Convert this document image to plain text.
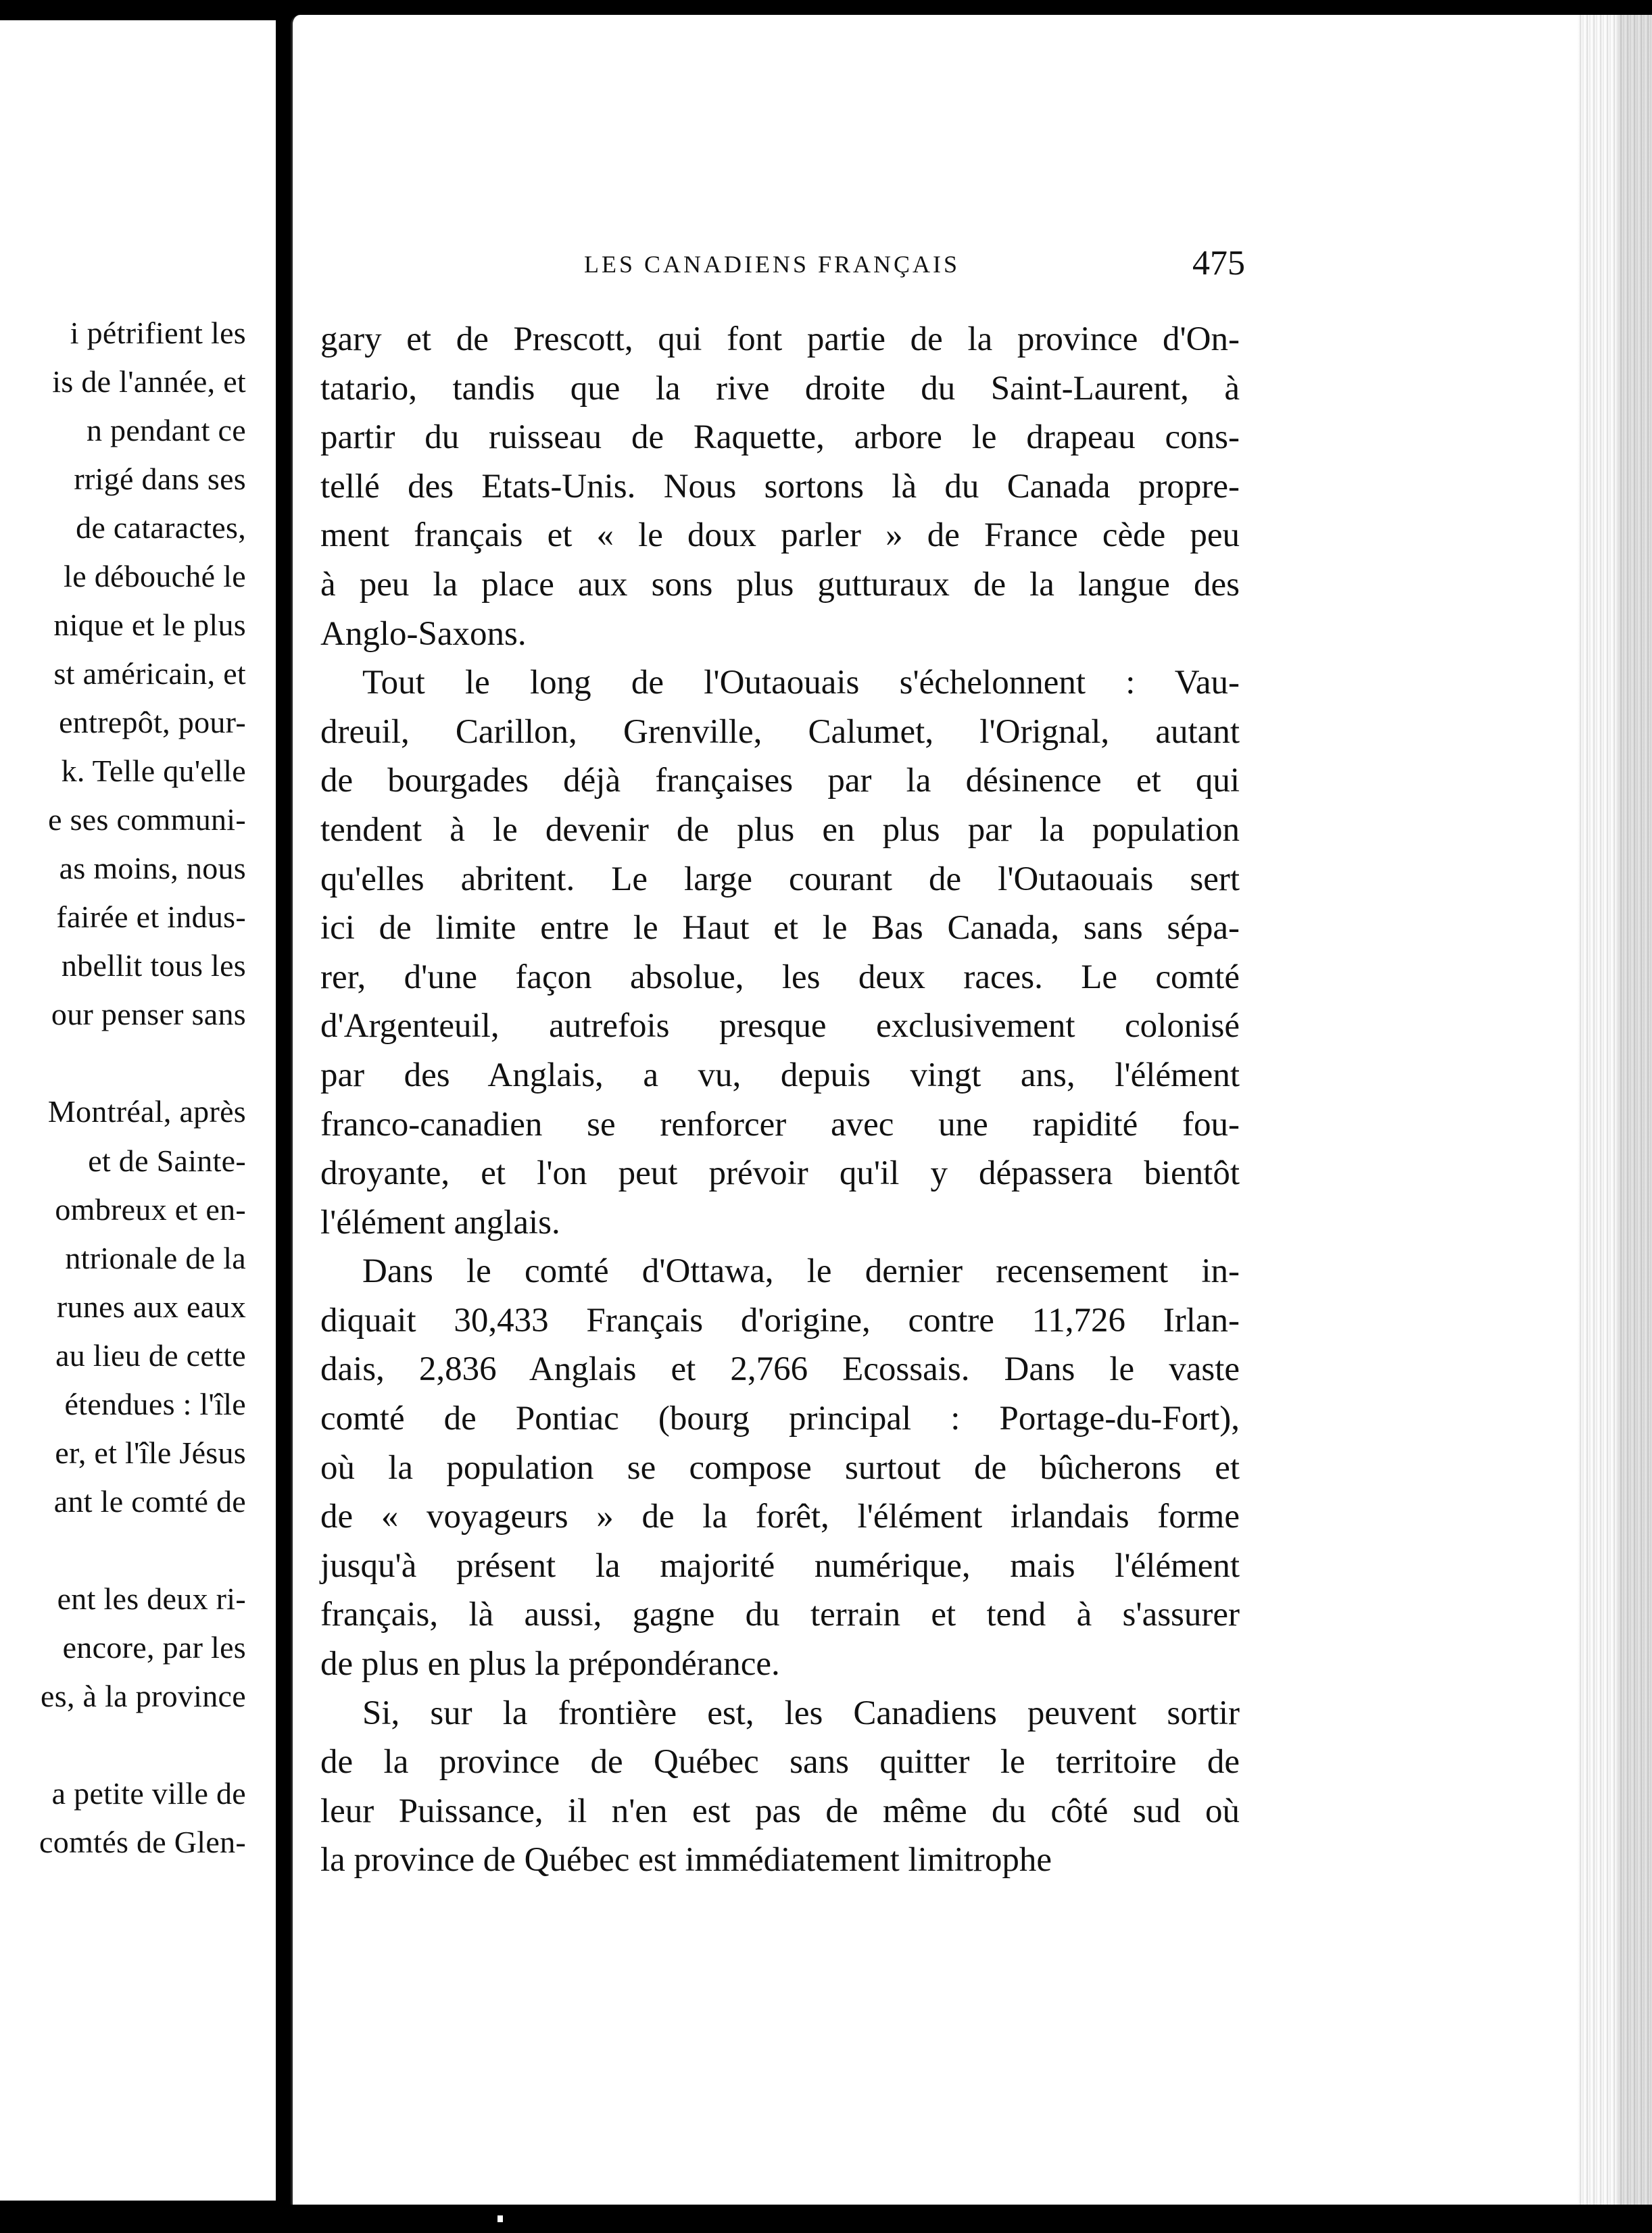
i pétrifient les
is de l'année, et
n pendant ce
rrigé dans ses
de cataractes,
le débouché le
nique et le plus
st américain, et
entrepôt, pour-
k. Telle qu'elle
e ses communi-
as moins, nous
fairée et indus-
nbellit tous les
our penser sans
Montréal, après
et de Sainte-
ombreux et en-
ntrionale de la
runes aux eaux
au lieu de cette
étendues : l'île
er, et l'île Jésus
ant le comté de
ent les deux ri-
encore, par les
es, à la province
a petite ville de
comtés de Glen-
LES CANADIENS FRANÇAIS	475
gary et de Prescott, qui font partie de la province d'On-
tatario, tandis que la rive droite du Saint-Laurent, à
partir du ruisseau de Raquette, arbore le drapeau cons-
tellé des Etats-Unis. Nous sortons là du Canada propre-
ment français et « le doux parler » de France cède peu
à peu la place aux sons plus gutturaux de la langue des
Anglo-Saxons.
Tout le long de l'Outaouais s'échelonnent : Vau-
dreuil, Carillon, Grenville, Calumet, l'Orignal, autant
de bourgades déjà françaises par la désinence et qui
tendent à le devenir de plus en plus par la population
qu'elles abritent. Le large courant de l'Outaouais sert
ici de limite entre le Haut et le Bas Canada, sans sépa-
rer, d'une façon absolue, les deux races. Le comté
d'Argenteuil, autrefois presque exclusivement colonisé
par des Anglais, a vu, depuis vingt ans, l'élément
franco-canadien se renforcer avec une rapidité fou-
droyante, et l'on peut prévoir qu'il y dépassera bientôt
l'élément anglais.
Dans le comté d'Ottawa, le dernier recensement in-
diquait 30,433 Français d'origine, contre 11,726 Irlan-
dais, 2,836 Anglais et 2,766 Ecossais. Dans le vaste
comté de Pontiac (bourg principal : Portage-du-Fort),
où la population se compose surtout de bûcherons et
de « voyageurs » de la forêt, l'élément irlandais forme
jusqu'à présent la majorité numérique, mais l'élément
français, là aussi, gagne du terrain et tend à s'assurer
de plus en plus la prépondérance.
Si, sur la frontière est, les Canadiens peuvent sortir
de la province de Québec sans quitter le territoire de
leur Puissance, il n'en est pas de même du côté sud où
la province de Québec est immédiatement limitrophe
